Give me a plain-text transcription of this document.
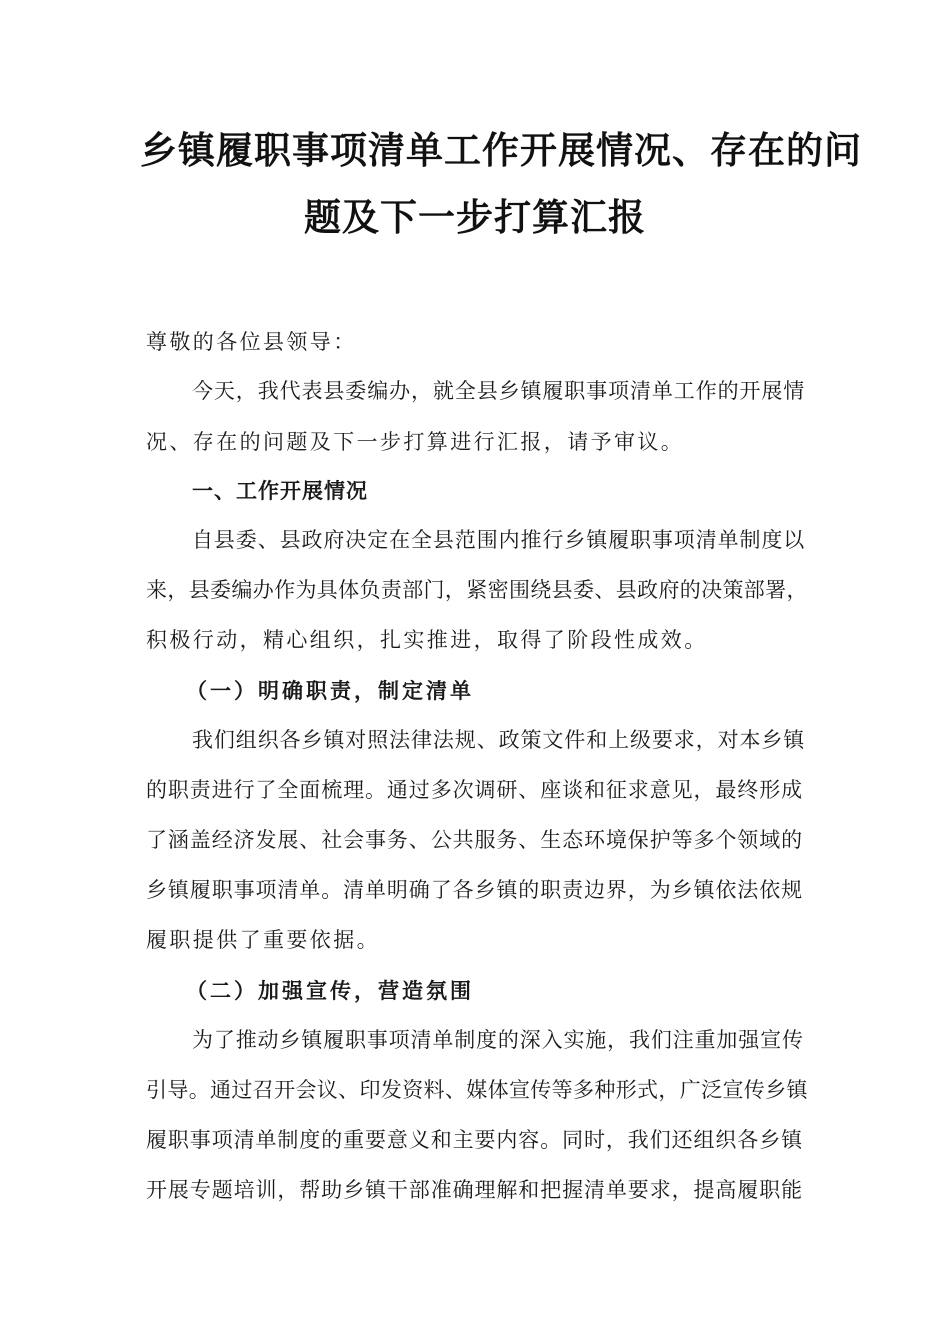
乡镇履职事项清单工作开展情况、存在的问
题及下一步打算汇报
尊敬的各位县领导：
今天，我代表县委编办，就全县乡镇履职事项清单工作的开展情
况、存在的问题及下一步打算进行汇报，请予审议。
一、工作开展情况
自县委、县政府决定在全县范围内推行乡镇履职事项清单制度以
来，县委编办作为具体负责部门，紧密围绕县委、县政府的决策部署，
积极行动，精心组织，扎实推进，取得了阶段性成效。
（一）明确职责，制定清单
我们组织各乡镇对照法律法规、政策文件和上级要求，对本乡镇
的职责进行了全面梳理。通过多次调研、座谈和征求意见，最终形成
了涵盖经济发展、社会事务、公共服务、生态环境保护等多个领域的
乡镇履职事项清单。清单明确了各乡镇的职责边界，为乡镇依法依规
履职提供了重要依据。
（二）加强宣传，营造氛围
为了推动乡镇履职事项清单制度的深入实施，我们注重加强宣传
引导。通过召开会议、印发资料、媒体宣传等多种形式，广泛宣传乡镇
履职事项清单制度的重要意义和主要内容。同时，我们还组织各乡镇
开展专题培训，帮助乡镇干部准确理解和把握清单要求，提高履职能
